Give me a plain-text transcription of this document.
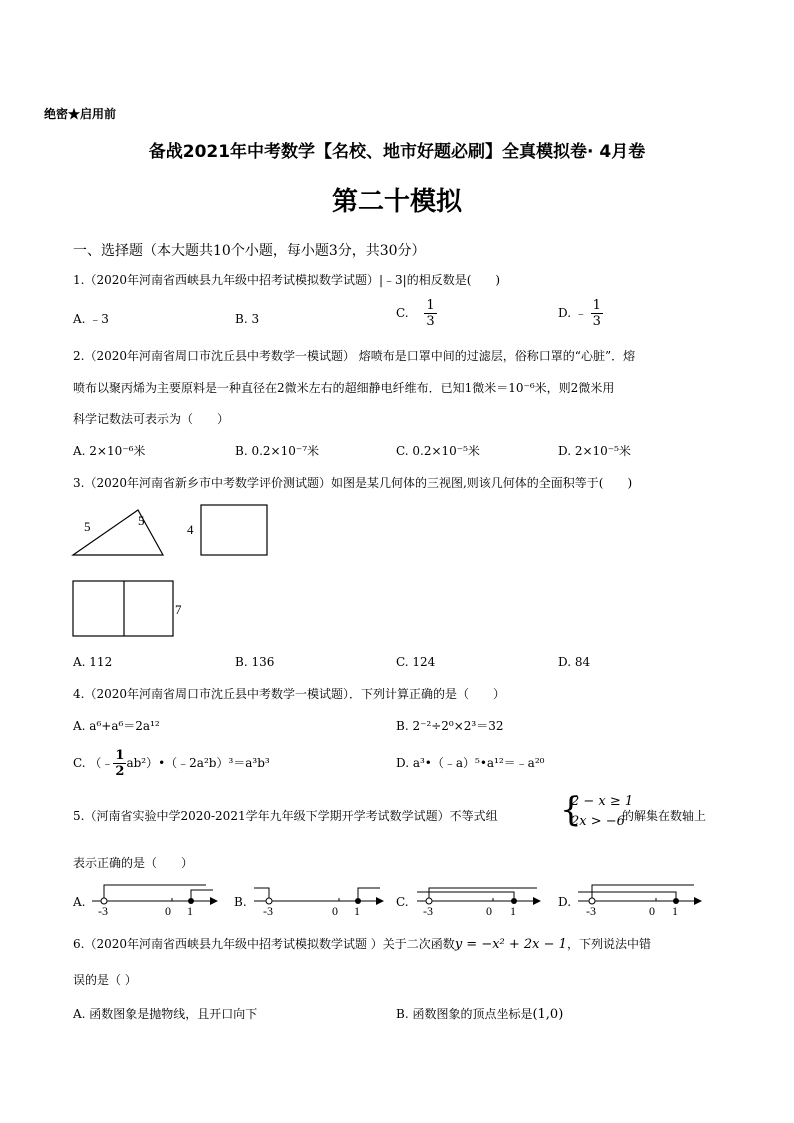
绝密★启用前
备战2021年中考数学【名校、地市好题必刷】全真模拟卷· 4月卷
第二十模拟
一、选择题（本大题共10个小题，每小题3分，共30分）
1.（2020年河南省西峡县九年级中招考试模拟数学试题）|﹣3|的相反数是(　　)
A. ﹣3	B. 3	C. $\frac{1}{3}$	D. ﹣ $\frac{1}{3}$
2.（2020年河南省周口市沈丘县中考数学一模试题） 熔喷布是口罩中间的过滤层，俗称口罩的“心脏”．熔
喷布以聚丙烯为主要原料是一种直径在2微米左右的超细静电纤维布．已知1微米＝10⁻⁶米，则2微米用
科学记数法可表示为（　　）
A. 2×10⁻⁶米	B. 0.2×10⁻⁷米	C. 0.2×10⁻⁵米	D. 2×10⁻⁵米
3.（2020年河南省新乡市中考数学评价测试题）如图是某几何体的三视图,则该几何体的全面积等于(　　)
5	5
4
7
A. 112	B. 136	C. 124	D. 84
4.（2020年河南省周口市沈丘县中考数学一模试题）．下列计算正确的是（　　）
A. a⁶+a⁶＝2a¹²	B. 2⁻²÷2⁰×2³＝32
C. （﹣ $\frac{1}{2}$ ab²）•（﹣2a²b）³＝a³b³	D. a³•（﹣a）⁵•a¹²＝﹣a²⁰
5.（河南省实验中学2020-2021学年九年级下学期开学考试数学试题）不等式组 {
2 − x ≥ 1
2x > −6
的解集在数轴上
表示正确的是（　　）
A.
-3	0 1
B.
-3	0 1
C.
-3	0 1
D.
-3	0 1
6.（2020年河南省西峡县九年级中招考试模拟数学试题 ）关于二次函数y = −x² + 2x − 1，下列说法中错
误的是（ ）
A. 函数图象是抛物线，且开口向下	B. 函数图象的顶点坐标是(1,0)
